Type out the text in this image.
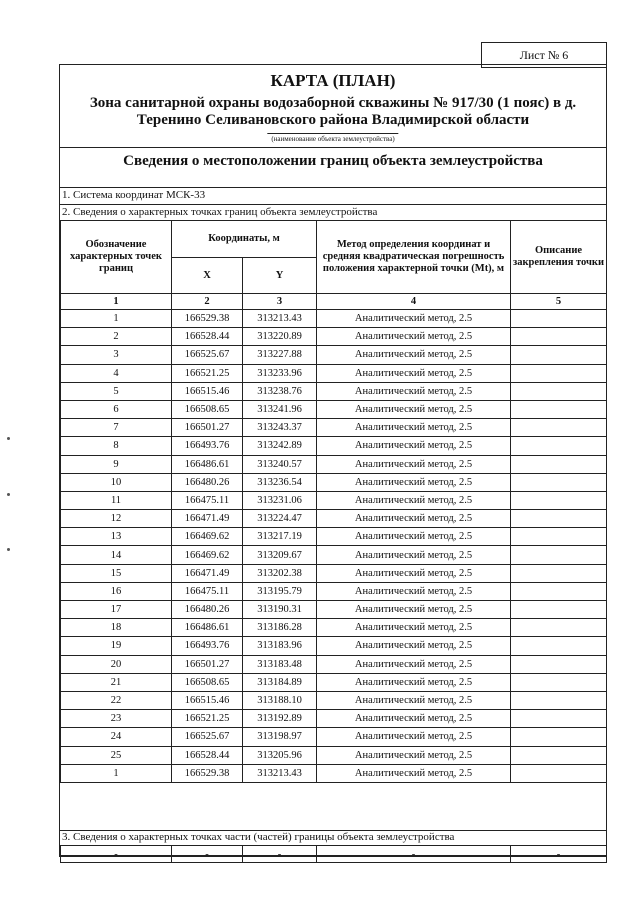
Лист № 6
КАРТА (ПЛАН)
Зона санитарной охраны водозаборной скважины № 917/30 (1 пояс) в д. Теренино Селивановского района Владимирской области
(наименование объекта землеустройства)
Сведения о местоположении границ объекта землеустройства
1. Система координат МСК-33
2. Сведения о характерных точках границ объекта землеустройства
Обозначение характерных точек границ	Координаты, м		Метод определения координат и средняя квадратическая погрешность положения характерной точки (Mt), м	Описание закрепления точки
	X	Y		
1	2	3	4	5
1	166529.38	313213.43	Аналитический метод, 2.5	
2	166528.44	313220.89	Аналитический метод, 2.5	
3	166525.67	313227.88	Аналитический метод, 2.5	
4	166521.25	313233.96	Аналитический метод, 2.5	
5	166515.46	313238.76	Аналитический метод, 2.5	
6	166508.65	313241.96	Аналитический метод, 2.5	
7	166501.27	313243.37	Аналитический метод, 2.5	
8	166493.76	313242.89	Аналитический метод, 2.5	
9	166486.61	313240.57	Аналитический метод, 2.5	
10	166480.26	313236.54	Аналитический метод, 2.5	
11	166475.11	313231.06	Аналитический метод, 2.5	
12	166471.49	313224.47	Аналитический метод, 2.5	
13	166469.62	313217.19	Аналитический метод, 2.5	
14	166469.62	313209.67	Аналитический метод, 2.5	
15	166471.49	313202.38	Аналитический метод, 2.5	
16	166475.11	313195.79	Аналитический метод, 2.5	
17	166480.26	313190.31	Аналитический метод, 2.5	
18	166486.61	313186.28	Аналитический метод, 2.5	
19	166493.76	313183.96	Аналитический метод, 2.5	
20	166501.27	313183.48	Аналитический метод, 2.5	
21	166508.65	313184.89	Аналитический метод, 2.5	
22	166515.46	313188.10	Аналитический метод, 2.5	
23	166521.25	313192.89	Аналитический метод, 2.5	
24	166525.67	313198.97	Аналитический метод, 2.5	
25	166528.44	313205.96	Аналитический метод, 2.5	
1	166529.38	313213.43	Аналитический метод, 2.5	
3. Сведения о характерных точках части (частей) границы объекта землеустройства
-	-	-	-	-
